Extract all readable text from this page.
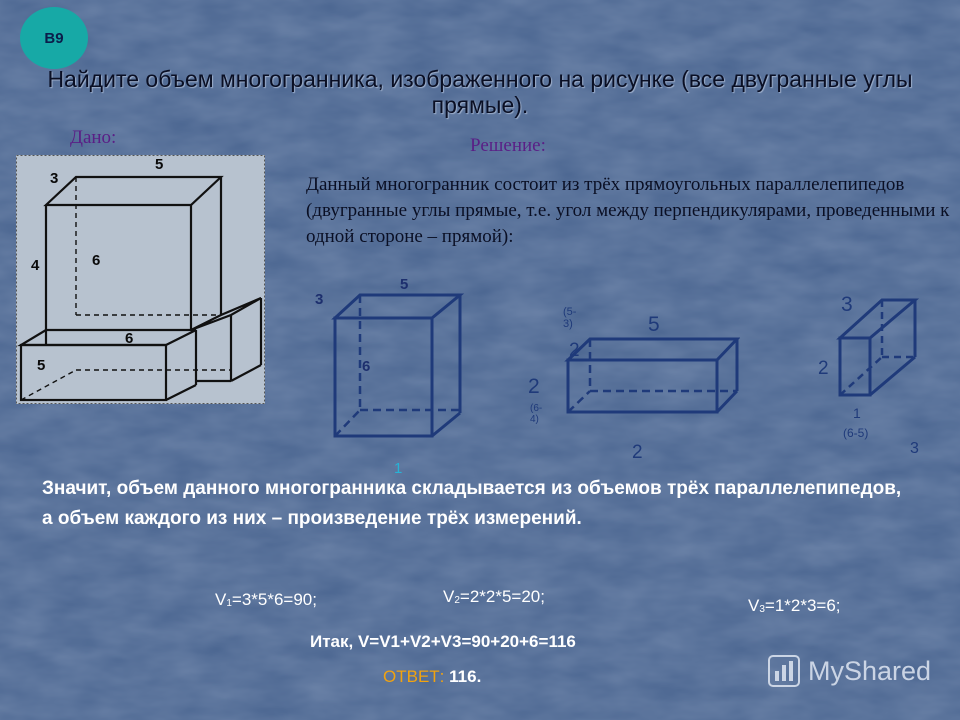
B9
Найдите объем многогранника, изображенного на рисунке (все двугранные углы прямые).
Дано:	Решение:
Данный многогранник состоит из трёх прямоугольных параллелепипедов (двугранные углы прямые, т.е. угол между перпендикулярами, проведенными к одной стороне – прямой):
3
5
4	6
6
5
3
5
6
1
(5-3)	5
2
2
(6-4)
2
3
2
1
(6-5)
3
Значит, объем данного многогранника складывается из объемов трёх параллелепипедов, а объем каждого из них – произведение трёх измерений.
$V_1=3*5*6=90$;	$V_2=2*2*5=20$;	$V_3=1*2*3=6$;
Итак, V=V1+V2+V3=90+20+6=116
ОТВЕТ: 116.	MyShared
